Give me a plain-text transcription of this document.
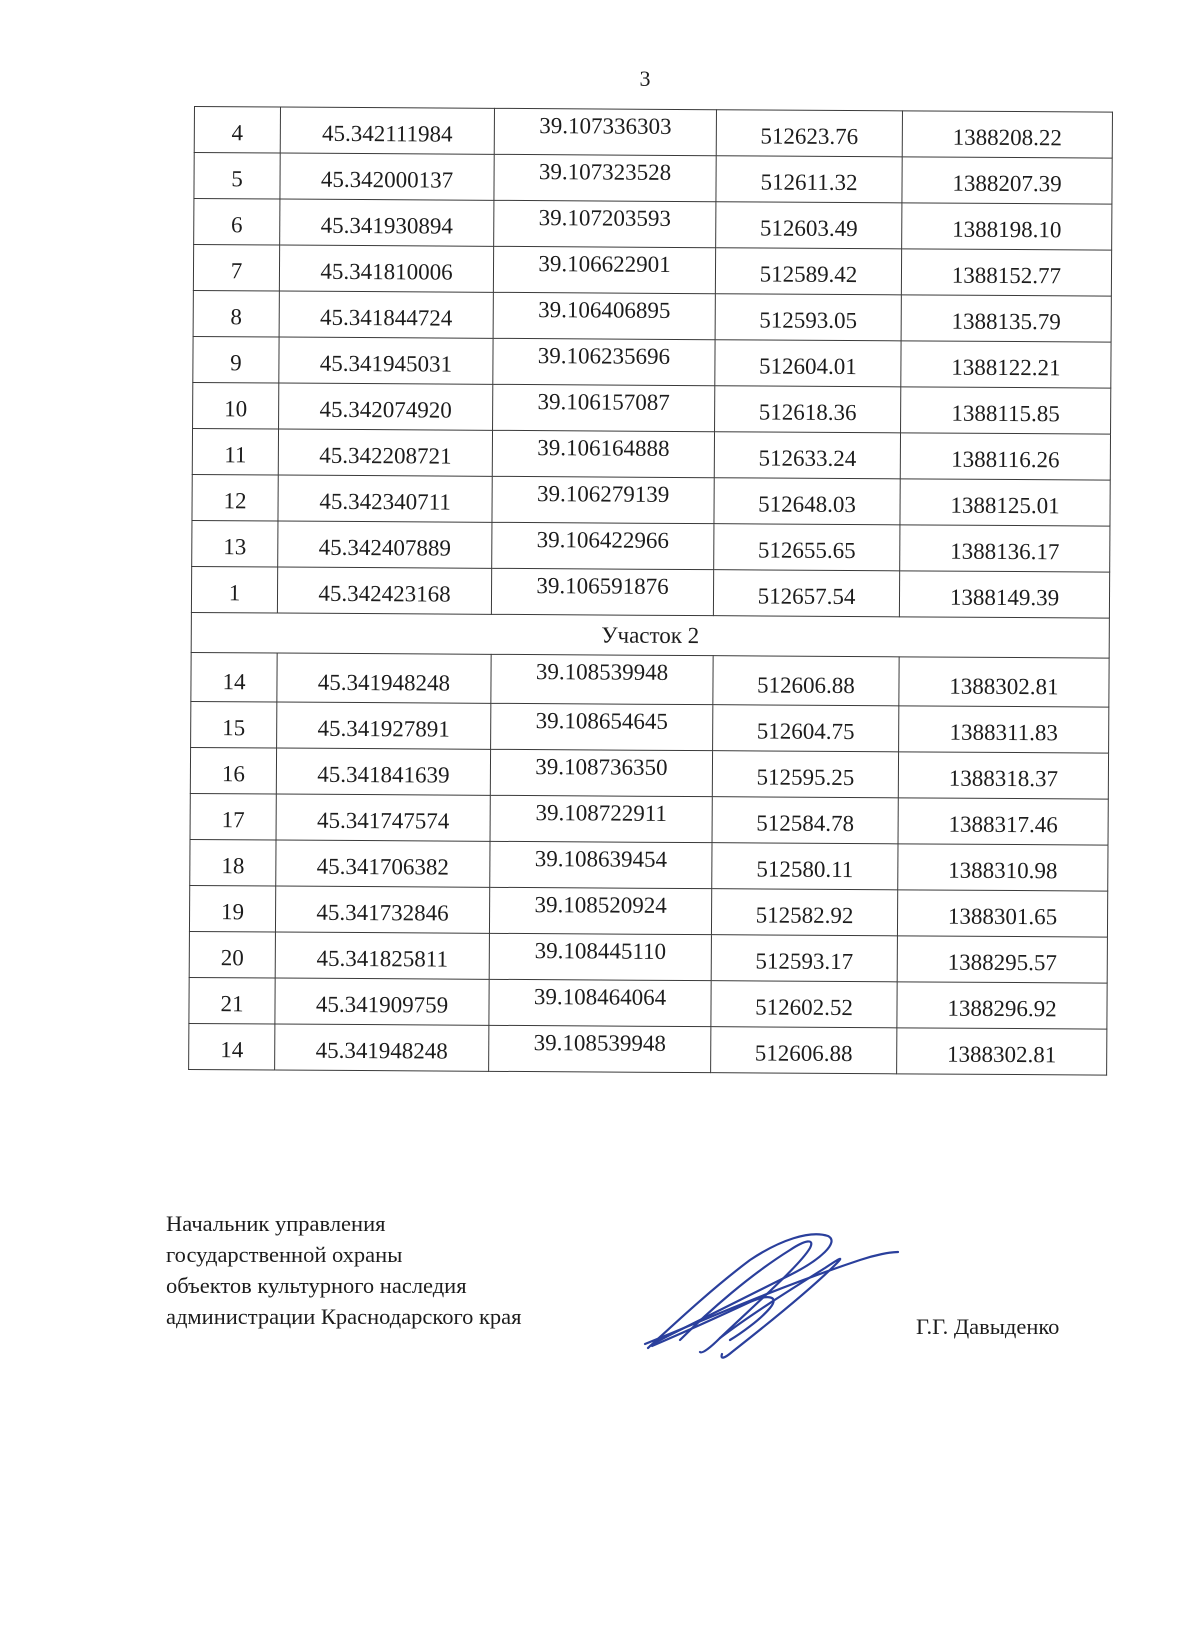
3
4	45.342111984	39.107336303	512623.76	1388208.22
5	45.342000137	39.107323528	512611.32	1388207.39
6	45.341930894	39.107203593	512603.49	1388198.10
7	45.341810006	39.106622901	512589.42	1388152.77
8	45.341844724	39.106406895	512593.05	1388135.79
9	45.341945031	39.106235696	512604.01	1388122.21
10	45.342074920	39.106157087	512618.36	1388115.85
11	45.342208721	39.106164888	512633.24	1388116.26
12	45.342340711	39.106279139	512648.03	1388125.01
13	45.342407889	39.106422966	512655.65	1388136.17
1	45.342423168	39.106591876	512657.54	1388149.39
Участок 2				
14	45.341948248	39.108539948	512606.88	1388302.81
15	45.341927891	39.108654645	512604.75	1388311.83
16	45.341841639	39.108736350	512595.25	1388318.37
17	45.341747574	39.108722911	512584.78	1388317.46
18	45.341706382	39.108639454	512580.11	1388310.98
19	45.341732846	39.108520924	512582.92	1388301.65
20	45.341825811	39.108445110	512593.17	1388295.57
21	45.341909759	39.108464064	512602.52	1388296.92
14	45.341948248	39.108539948	512606.88	1388302.81
Начальник управления
государственной охраны
объектов культурного наследия
администрации Краснодарского края	Г.Г. Давыденко
